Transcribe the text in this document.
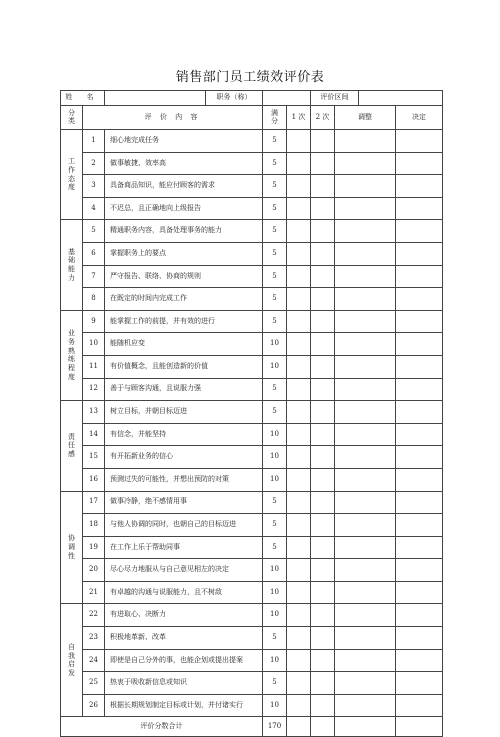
销售部门员工绩效评价表
姓 名			职务（称）			评价区间			
分类	评 价 内 容			满分	1 次	2 次	调整		决定
工作态度	1	细心地完成任务		5					
	2	做事敏捷、效率高		5					
	3	具备商品知识，能应付顾客的需求		5					
	4	不迟总，且正确地向上级报告		5					
基础能力	5	精通职务内容，具备处理事务的能力		5					
	6	掌握职务上的要点		5					
	7	严守报告、联络、协商的规则		5					
	8	在既定的时间内完成工作		5					
业务熟练程度	9	能掌握工作的前提，并有效的进行		5					
	10	能随机应变		10					
	11	有价值概念，且能创造新的价值		10					
	12	善于与顾客沟通，且说服力强		5					
责任感	13	树立目标，并朝目标迈进		5					
	14	有信念，并能坚持		10					
	15	有开拓新业务的信心		10					
	16	预测过失的可能性，并想出预防的对策		10					
协调性	17	做事冷静，绝不感情用事		5					
	18	与他人协调的同时，也朝自己的目标迈进		5					
	19	在工作上乐于帮助同事		5					
	20	尽心尽力地服从与自己意见相左的决定		10					
	21	有卓越的沟通与说服能力，且不树敌		10					
自我启发	22	有进取心、决断力		10					
	23	积极地革新、改革		5					
	24	即使是自己分外的事，也能企划或提出提案		10					
	25	热衷于吸收新信息或知识		5					
	26	根据长期规划制定目标或计划，并付诸实行		10					
评价分数合计				170					
